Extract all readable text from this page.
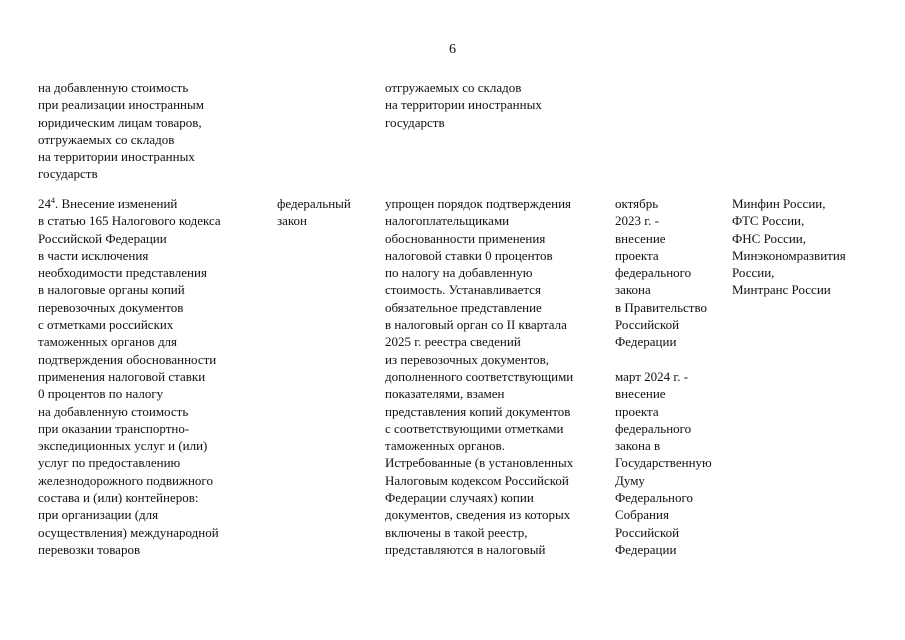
6
на добавленную стоимость
при реализации иностранным
юридическим лицам товаров,
отгружаемых со складов
на территории иностранных
государств
отгружаемых со складов
на территории иностранных
государств
$24^4$. Внесение изменений
в статью 165 Налогового кодекса
Российской Федерации
в части исключения
необходимости представления
в налоговые органы копий
перевозочных документов
с отметками российских
таможенных органов для
подтверждения обоснованности
применения налоговой ставки
0 процентов по налогу
на добавленную стоимость
при оказании транспортно-
экспедиционных услуг и (или)
услуг по предоставлению
железнодорожного подвижного
состава и (или) контейнеров:
при организации (для
осуществления) международной
перевозки товаров
федеральный
закон
упрощен порядок подтверждения
налогоплательщиками
обоснованности применения
налоговой ставки 0 процентов
по налогу на добавленную
стоимость. Устанавливается
обязательное представление
в налоговый орган со II квартала
2025 г. реестра сведений
из перевозочных документов,
дополненного соответствующими
показателями, взамен
представления копий документов
с соответствующими отметками
таможенных органов.
Истребованные (в установленных
Налоговым кодексом Российской
Федерации случаях) копии
документов, сведения из которых
включены в такой реестр,
представляются в налоговый
октябрь
2023 г. -
внесение
проекта
федерального
закона
в Правительство
Российской
Федерации
март 2024 г. -
внесение
проекта
федерального
закона в
Государственную
Думу
Федерального
Собрания
Российской
Федерации
Минфин России,
ФТС России,
ФНС России,
Минэкономразвития
России,
Минтранс России
